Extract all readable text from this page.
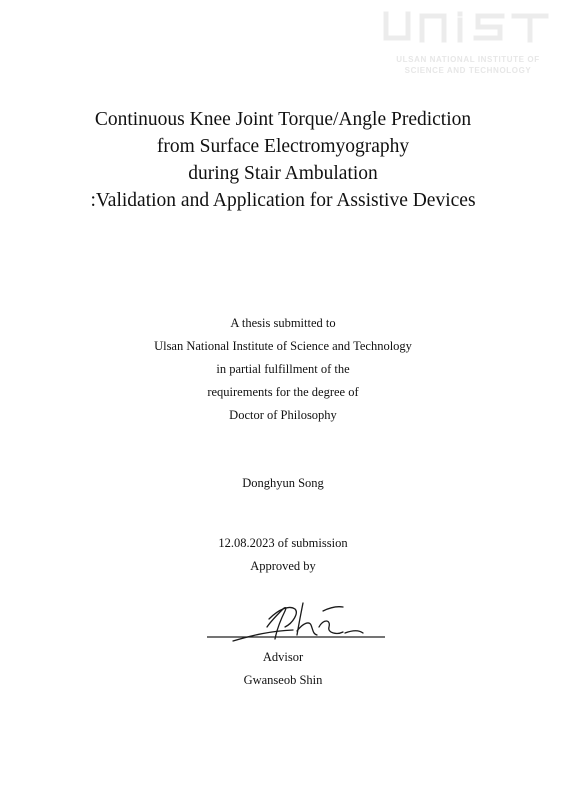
ULSAN NATIONAL INSTITUTE OF
SCIENCE AND TECHNOLOGY
Continuous Knee Joint Torque/Angle Prediction
from Surface Electromyography
during Stair Ambulation
:Validation and Application for Assistive Devices
A thesis submitted to
Ulsan National Institute of Science and Technology
in partial fulfillment of the
requirements for the degree of
Doctor of Philosophy
Donghyun Song
12.08.2023 of submission
Approved by
Advisor
Gwanseob Shin
